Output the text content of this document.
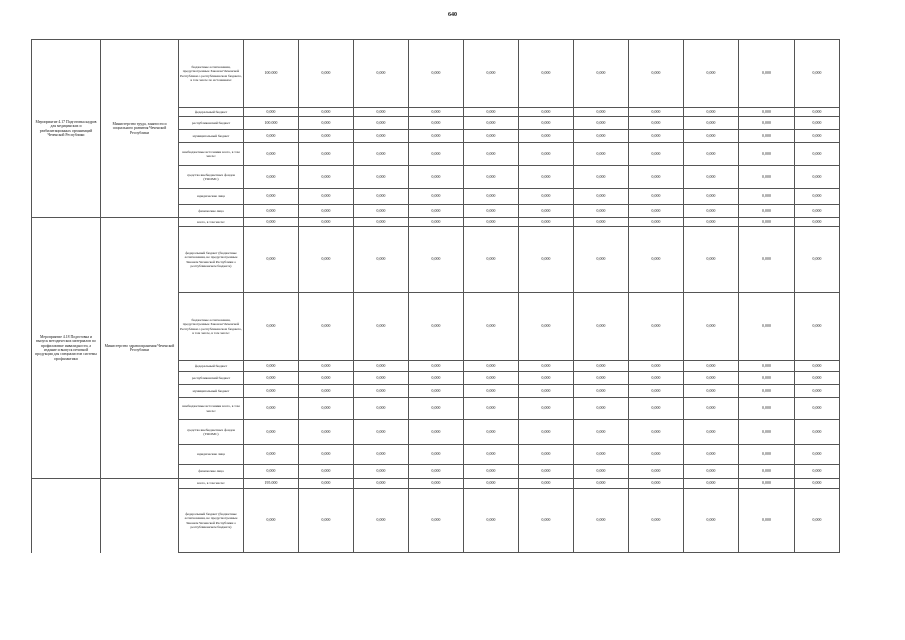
640
Мероприятие 4.17 Подготовка кадров для медицинских и реабилитационных организаций Чеченской Республики	Министерство труда, занятости и социального развития Чеченской Республики	бюджетные ассигнования, предусмотренные Законом Чеченской Республики о республиканском бюджете, в том числе по источникам:	100.000	0,000	0,000	0,000	0,000	0,000	0,000	0,000	0,000	0,000	0,000
		федеральный бюджет	0,000	0,000	0,000	0,000	0,000	0,000	0,000	0,000	0,000	0,000	0,000
		республиканский бюджет	100.000	0,000	0,000	0,000	0,000	0,000	0,000	0,000	0,000	0,000	0,000
		муниципальный бюджет	0,000	0,000	0,000	0,000	0,000	0,000	0,000	0,000	0,000	0,000	0,000
		внебюджетные источники всего, в том числе:	0,000	0,000	0,000	0,000	0,000	0,000	0,000	0,000	0,000	0,000	0,000
		средства внебюджетных фондов (ТФОМС)	0,000	0,000	0,000	0,000	0,000	0,000	0,000	0,000	0,000	0,000	0,000
		юридические лица	0,000	0,000	0,000	0,000	0,000	0,000	0,000	0,000	0,000	0,000	0,000
		физические лица	0,000	0,000	0,000	0,000	0,000	0,000	0,000	0,000	0,000	0,000	0,000
Мероприятие 4.18 Подготовка и выпуск методических материалов по профилактике инвалидности, а издание и выпуск печатной продукции для специалистов системы профилактики	Министерство здравоохранения Чеченской Республики	всего, в том числе:	0,000	0,000	0,000	0,000	0,000	0,000	0,000	0,000	0,000	0,000	0,000
		федеральный бюджет (бюджетные ассигнования, не предусмотренные Законом Чеченской Республики о республиканском бюджете)	0,000	0,000	0,000	0,000	0,000	0,000	0,000	0,000	0,000	0,000	0,000
		бюджетные ассигнования, предусмотренные Законом Чеченской Республики о республиканском бюджете, в том числе, в том числе:	0,000	0,000	0,000	0,000	0,000	0,000	0,000	0,000	0,000	0,000	0,000
		федеральный бюджет	0,000	0,000	0,000	0,000	0,000	0,000	0,000	0,000	0,000	0,000	0,000
		республиканский бюджет	0,000	0,000	0,000	0,000	0,000	0,000	0,000	0,000	0,000	0,000	0,000
		муниципальный бюджет	0,000	0,000	0,000	0,000	0,000	0,000	0,000	0,000	0,000	0,000	0,000
		внебюджетные источники всего, в том числе:	0,000	0,000	0,000	0,000	0,000	0,000	0,000	0,000	0,000	0,000	0,000
		средства внебюджетных фондов (ТФОМС)	0,000	0,000	0,000	0,000	0,000	0,000	0,000	0,000	0,000	0,000	0,000
		юридические лица	0,000	0,000	0,000	0,000	0,000	0,000	0,000	0,000	0,000	0,000	0,000
		физические лица	0,000	0,000	0,000	0,000	0,000	0,000	0,000	0,000	0,000	0,000	0,000
		всего, в том числе:	195.000	0,000	0,000	0,000	0,000	0,000	0,000	0,000	0,000	0,000	0,000
		федеральный бюджет (бюджетные ассигнования, не предусмотренные Законом Чеченской Республики о республиканском бюджете)	0,000	0,000	0,000	0,000	0,000	0,000	0,000	0,000	0,000	0,000	0,000
